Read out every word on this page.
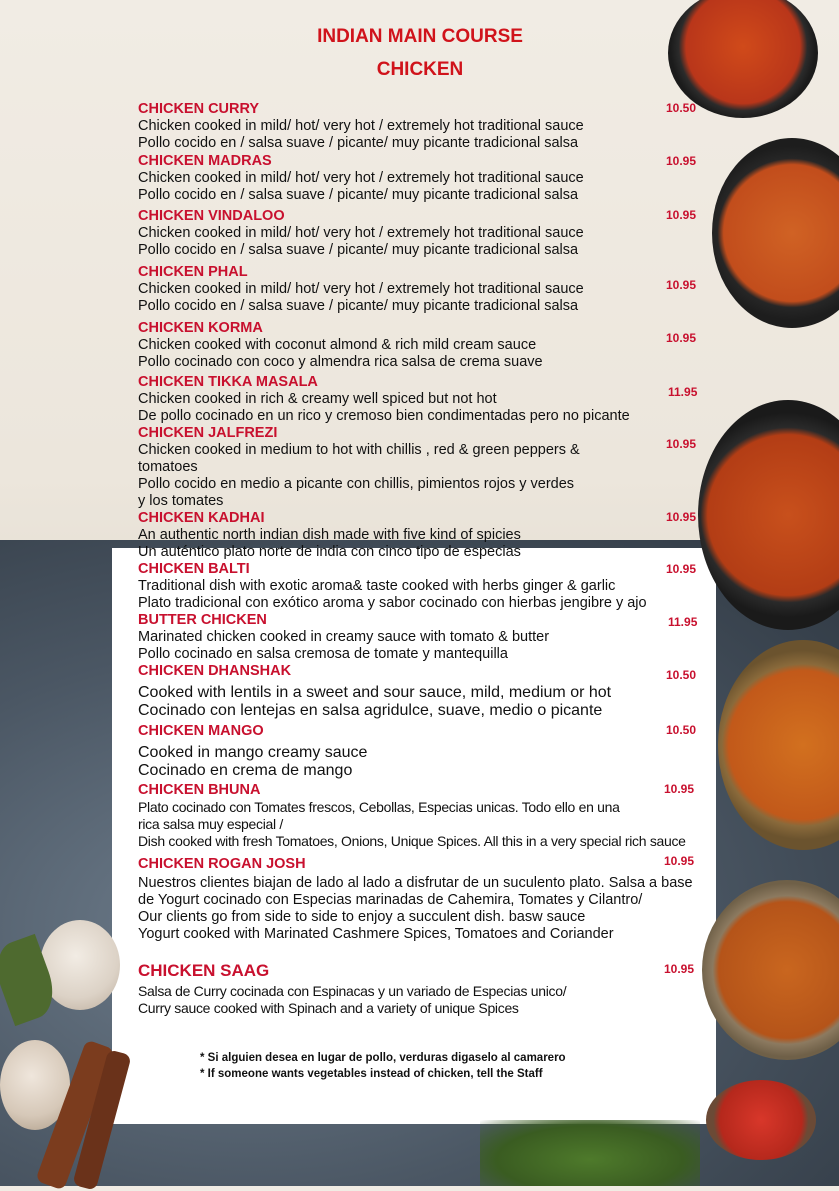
INDIAN MAIN COURSE
CHICKEN
CHICKEN CURRY
Chicken cooked in mild/ hot/ very hot / extremely hot traditional sauce
Pollo cocido en / salsa suave / picante/ muy picante tradicional salsa
10.50
CHICKEN MADRAS
Chicken cooked in mild/ hot/ very hot / extremely hot traditional sauce
Pollo cocido en / salsa suave / picante/ muy picante tradicional salsa
10.95
CHICKEN VINDALOO
Chicken cooked in mild/ hot/ very hot / extremely hot traditional sauce
Pollo cocido en / salsa suave / picante/ muy picante tradicional salsa
10.95
CHICKEN PHAL
Chicken cooked in mild/ hot/ very hot / extremely hot traditional sauce
Pollo cocido en / salsa suave / picante/ muy picante tradicional salsa
10.95
CHICKEN KORMA
Chicken cooked with coconut almond & rich mild cream sauce
Pollo cocinado con coco y almendra rica salsa de crema suave
10.95
CHICKEN TIKKA MASALA
Chicken cooked in rich & creamy well spiced but not hot
De pollo cocinado en un rico y cremoso bien condimentadas pero no picante
11.95
CHICKEN JALFREZI
Chicken cooked in medium to hot with chillis , red & green peppers &
tomatoes
Pollo cocido en medio a picante con chillis, pimientos rojos y verdes
y los tomates
10.95
CHICKEN KADHAI
An authentic north indian dish made with five kind of spicies
Un auténtico plato norte de india con cinco tipo de especias
10.95
CHICKEN BALTI
Traditional dish with exotic aroma& taste cooked with herbs ginger & garlic
Plato tradicional con exótico aroma y sabor cocinado con hierbas jengibre y ajo
10.95
BUTTER CHICKEN
Marinated chicken cooked in creamy sauce with tomato & butter
Pollo cocinado en salsa cremosa de tomate y mantequilla
11.95
CHICKEN DHANSHAK
Cooked with lentils in a sweet and sour sauce, mild, medium or hot
Cocinado con lentejas en salsa agridulce, suave, medio o picante
10.50
CHICKEN MANGO
Cooked in mango creamy sauce
Cocinado en crema de mango
10.50
CHICKEN BHUNA
Plato cocinado con Tomates frescos, Cebollas, Especias unicas. Todo ello en una
rica salsa muy especial /
Dish cooked with fresh Tomatoes, Onions, Unique Spices. All this in a very special rich sauce
10.95
CHICKEN ROGAN JOSH
Nuestros clientes biajan de lado al lado a disfrutar de un suculento plato. Salsa a base
de Yogurt cocinado con Especias marinadas de Cahemira, Tomates y Cilantro/
Our clients go from side to side to enjoy a succulent dish. basw sauce
Yogurt cooked with Marinated Cashmere Spices, Tomatoes and Coriander
10.95
CHICKEN SAAG
Salsa de Curry cocinada con Espinacas y un variado de Especias unico/
Curry sauce cooked with Spinach and a variety of unique Spices
10.95
* Si alguien desea en lugar de pollo, verduras digaselo al camarero
* If someone wants vegetables instead of chicken, tell the Staff
